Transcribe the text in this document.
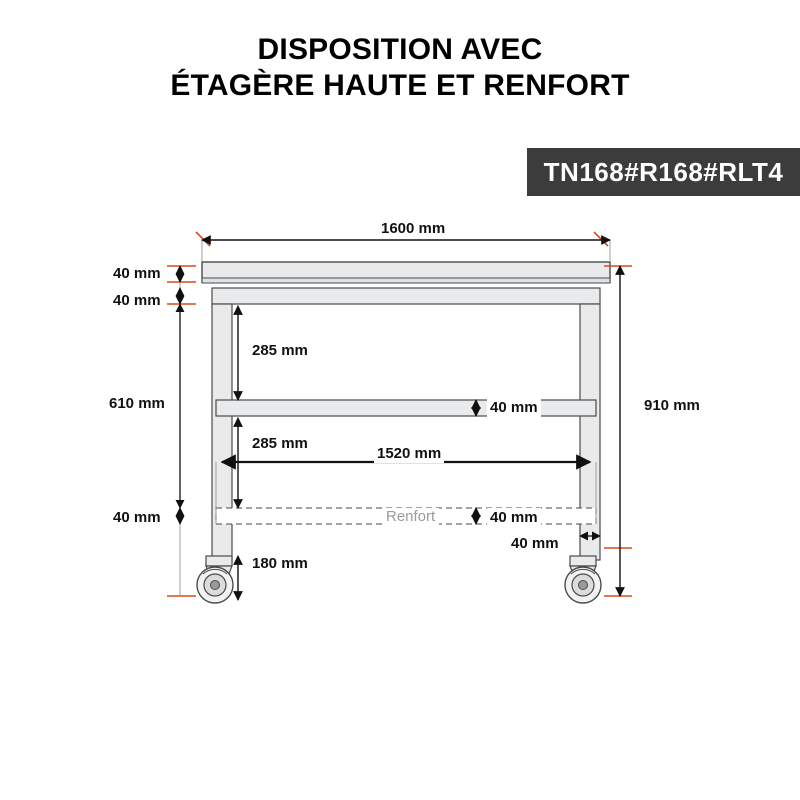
DISPOSITION AVEC
ÉTAGÈRE HAUTE ET RENFORT
TN168#R168#RLT4
1600 mm
40 mm
40 mm
285 mm
40 mm
610 mm
285 mm
1520 mm
Renfort	40 mm
40 mm
40 mm
180 mm
910 mm
